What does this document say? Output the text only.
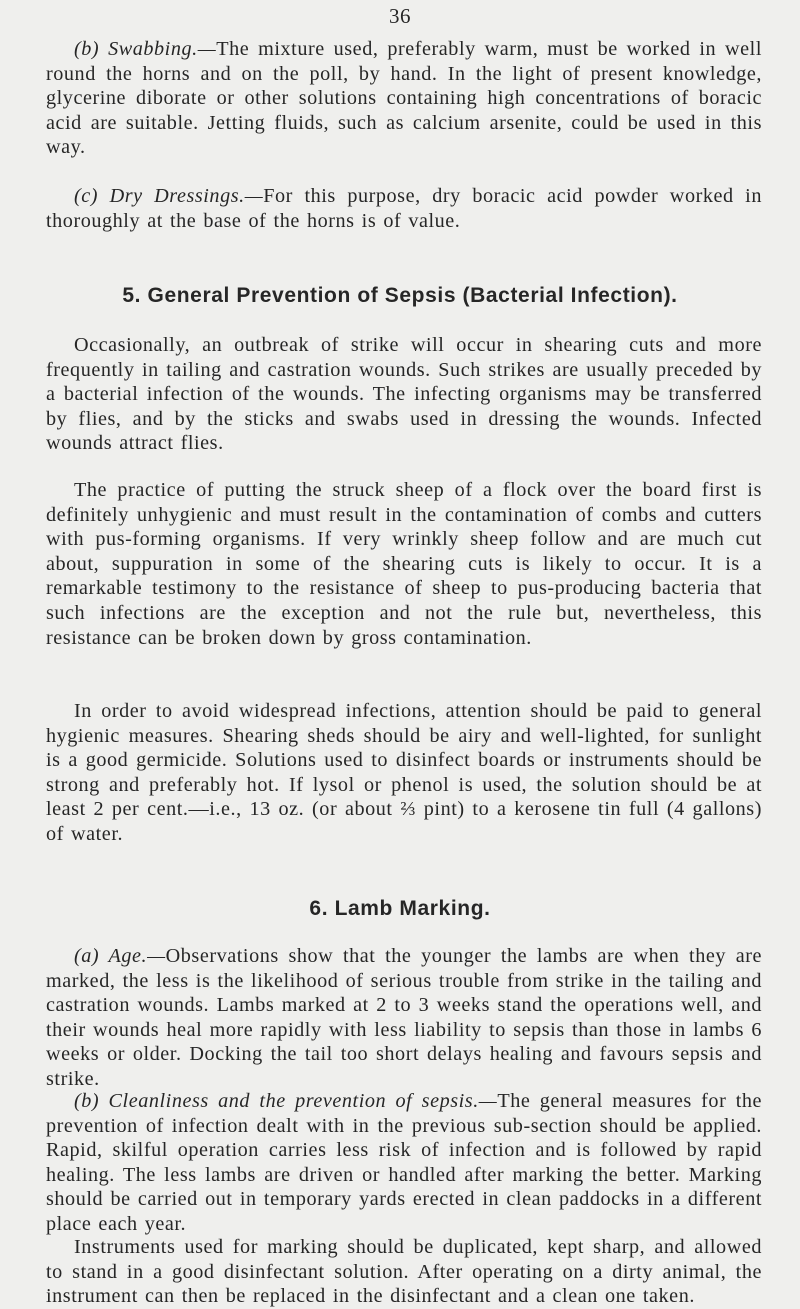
36

(b) Swabbing.—The mixture used, preferably warm, must be worked in well round the horns and on the poll, by hand. In the light of present knowledge, glycerine diborate or other solutions containing high concentrations of boracic acid are suitable. Jetting fluids, such as calcium arsenite, could be used in this way.

(c) Dry Dressings.—For this purpose, dry boracic acid powder worked in thoroughly at the base of the horns is of value.

5. General Prevention of Sepsis (Bacterial Infection).

Occasionally, an outbreak of strike will occur in shearing cuts and more frequently in tailing and castration wounds. Such strikes are usually preceded by a bacterial infection of the wounds. The infecting organisms may be transferred by flies, and by the sticks and swabs used in dressing the wounds. Infected wounds attract flies.

The practice of putting the struck sheep of a flock over the board first is definitely unhygienic and must result in the contamination of combs and cutters with pus-forming organisms. If very wrinkly sheep follow and are much cut about, suppuration in some of the shearing cuts is likely to occur. It is a remarkable testimony to the resistance of sheep to pus-producing bacteria that such infections are the exception and not the rule but, nevertheless, this resistance can be broken down by gross contamination.

In order to avoid widespread infections, attention should be paid to general hygienic measures. Shearing sheds should be airy and well-lighted, for sunlight is a good germicide. Solutions used to disinfect boards or instruments should be strong and preferably hot. If lysol or phenol is used, the solution should be at least 2 per cent.—i.e., 13 oz. (or about ⅔ pint) to a kerosene tin full (4 gallons) of water.

6. Lamb Marking.

(a) Age.—Observations show that the younger the lambs are when they are marked, the less is the likelihood of serious trouble from strike in the tailing and castration wounds. Lambs marked at 2 to 3 weeks stand the operations well, and their wounds heal more rapidly with less liability to sepsis than those in lambs 6 weeks or older. Docking the tail too short delays healing and favours sepsis and strike.

(b) Cleanliness and the prevention of sepsis.—The general measures for the prevention of infection dealt with in the previous sub-section should be applied. Rapid, skilful operation carries less risk of infection and is followed by rapid healing. The less lambs are driven or handled after marking the better. Marking should be carried out in temporary yards erected in clean paddocks in a different place each year.

Instruments used for marking should be duplicated, kept sharp, and allowed to stand in a good disinfectant solution. After operating on a dirty animal, the instrument can then be replaced in the disinfectant and a clean one taken.
